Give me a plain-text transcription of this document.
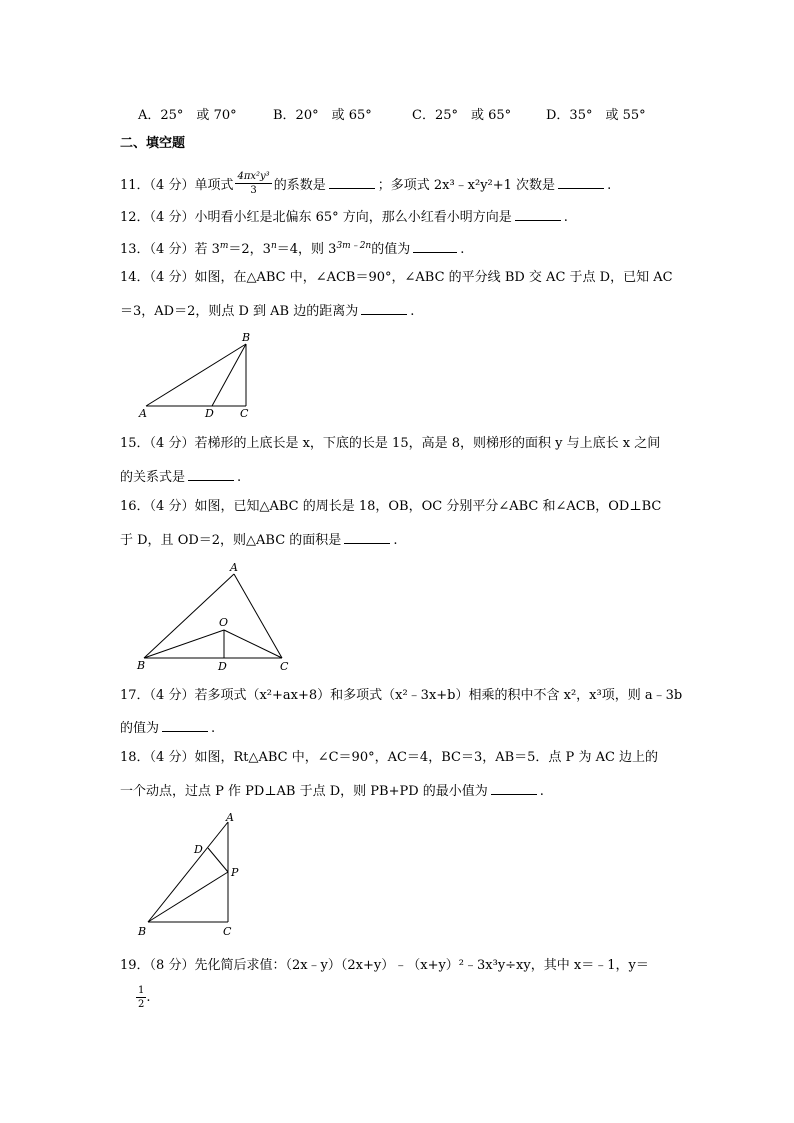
A．25°　或 70°	B．20°　或 65°	C．25°　或 65°	D．35°　或 55°
二、填空题
11．（4 分）单项式 $\frac{\text{4πx²y³}}{3}$ 的系数是	；多项式 2x³﹣x²y²+1 次数是	.
12．（4 分）小明看小红是北偏东 65° 方向，那么小红看小明方向是	.
13．（4 分）若 $3^m=2$，$3^n=4$，则 $3^{3m﹣2n}$的值为	.
14．（4 分）如图，在△ABC 中，∠ACB＝90°，∠ABC 的平分线 BD 交 AC 于点 D，已知 AC
＝3，AD＝2，则点 D 到 AB 边的距离为	.
A
B
C
D
15．（4 分）若梯形的上底长是 x，下底的长是 15，高是 8，则梯形的面积 y 与上底长 x 之间
的关系式是	.
16．（4 分）如图，已知△ABC 的周长是 18，OB，OC 分别平分∠ABC 和∠ACB，OD⊥BC
于 D，且 OD＝2，则△ABC 的面积是	.
A
B	C
D
O
17．（4 分）若多项式（x²+ax+8）和多项式（x²﹣3x+b）相乘的积中不含 x²，x³项，则 a﹣3b
的值为	.
18．（4 分）如图，Rt△ABC 中，∠C＝90°，AC＝4，BC＝3，AB＝5．点 P 为 AC 边上的
一个动点，过点 P 作 PD⊥AB 于点 D，则 PB+PD 的最小值为	.
A
B	C
D
P
19．（8 分）先化简后求值：（2x﹣y）（2x+y）﹣（x+y）²﹣3x³y÷xy，其中 x＝﹣1，y＝
$\frac{1}{2}$ .
